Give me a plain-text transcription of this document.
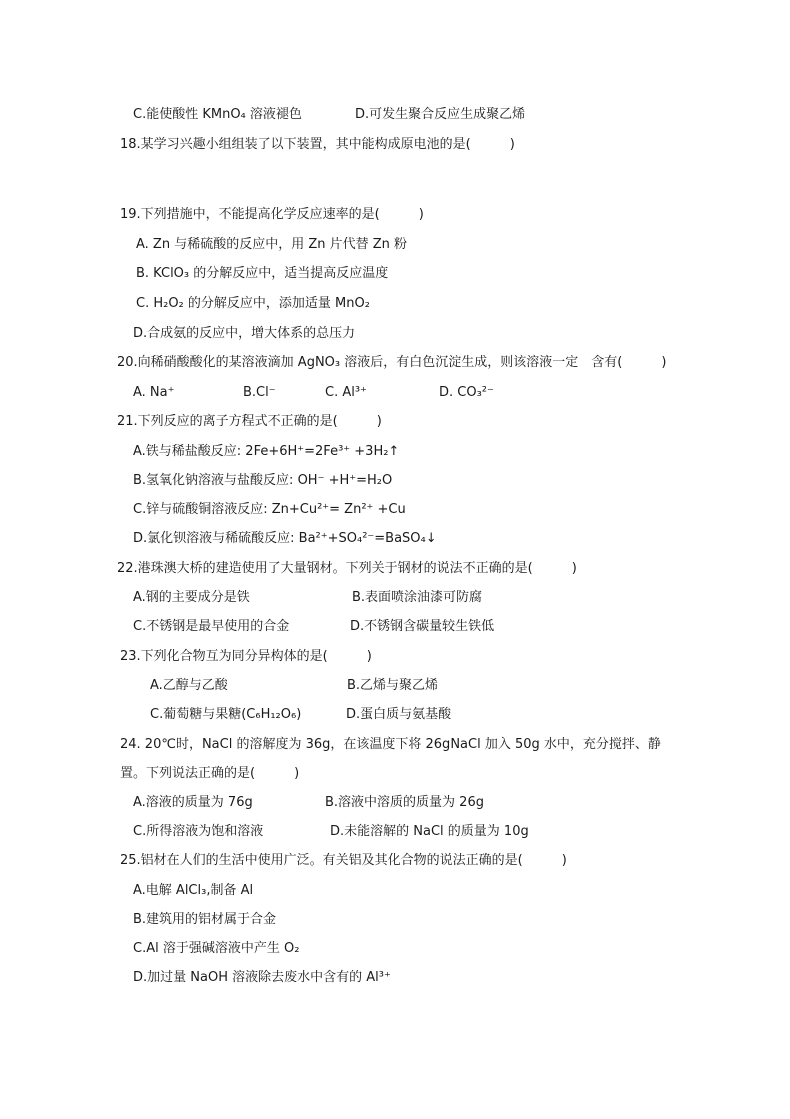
C.能使酸性 KMnO₄ 溶液褪色	D.可发生聚合反应生成聚乙烯
18.某学习兴趣小组组装了以下装置，其中能构成原电池的是(　　　)
19.下列措施中，不能提高化学反应速率的是(　　　)
A. Zn 与稀硫酸的反应中，用 Zn 片代替 Zn 粉
B. KClO₃ 的分解反应中，适当提高反应温度
C. H₂O₂ 的分解反应中，添加适量 MnO₂
D.合成氨的反应中，增大体系的总压力
20.向稀硝酸酸化的某溶液滴加 AgNO₃ 溶液后，有白色沉淀生成，则该溶液一定　含有(　　　)
A. Na⁺	B.Cl⁻	C. Al³⁺	D. CO₃²⁻
21.下列反应的离子方程式不正确的是(　　　)
A.铁与稀盐酸反应: 2Fe+6H⁺=2Fe³⁺ +3H₂↑
B.氢氧化钠溶液与盐酸反应: OH⁻ +H⁺=H₂O
C.锌与硫酸铜溶液反应: Zn+Cu²⁺= Zn²⁺ +Cu
D.氯化钡溶液与稀硫酸反应: Ba²⁺+SO₄²⁻=BaSO₄↓
22.港珠澳大桥的建造使用了大量钢材。下列关于钢材的说法不正确的是(　　　)
A.钢的主要成分是铁	B.表面喷涂油漆可防腐
C.不锈钢是最早使用的合金	D.不锈钢含碳量较生铁低
23.下列化合物互为同分异构体的是(　　　)
A.乙醇与乙酸	B.乙烯与聚乙烯
C.葡萄糖与果糖(C₆H₁₂O₆)	D.蛋白质与氨基酸
24. 20℃时，NaCl 的溶解度为 36g，在该温度下将 26gNaCl 加入 50g 水中，充分搅拌、静
置。下列说法正确的是(　　　)
A.溶液的质量为 76g	B.溶液中溶质的质量为 26g
C.所得溶液为饱和溶液	D.未能溶解的 NaCl 的质量为 10g
25.铝材在人们的生活中使用广泛。有关铝及其化合物的说法正确的是(　　　)
A.电解 AlCl₃,制备 Al
B.建筑用的铝材属于合金
C.Al 溶于强碱溶液中产生 O₂
D.加过量 NaOH 溶液除去废水中含有的 Al³⁺
